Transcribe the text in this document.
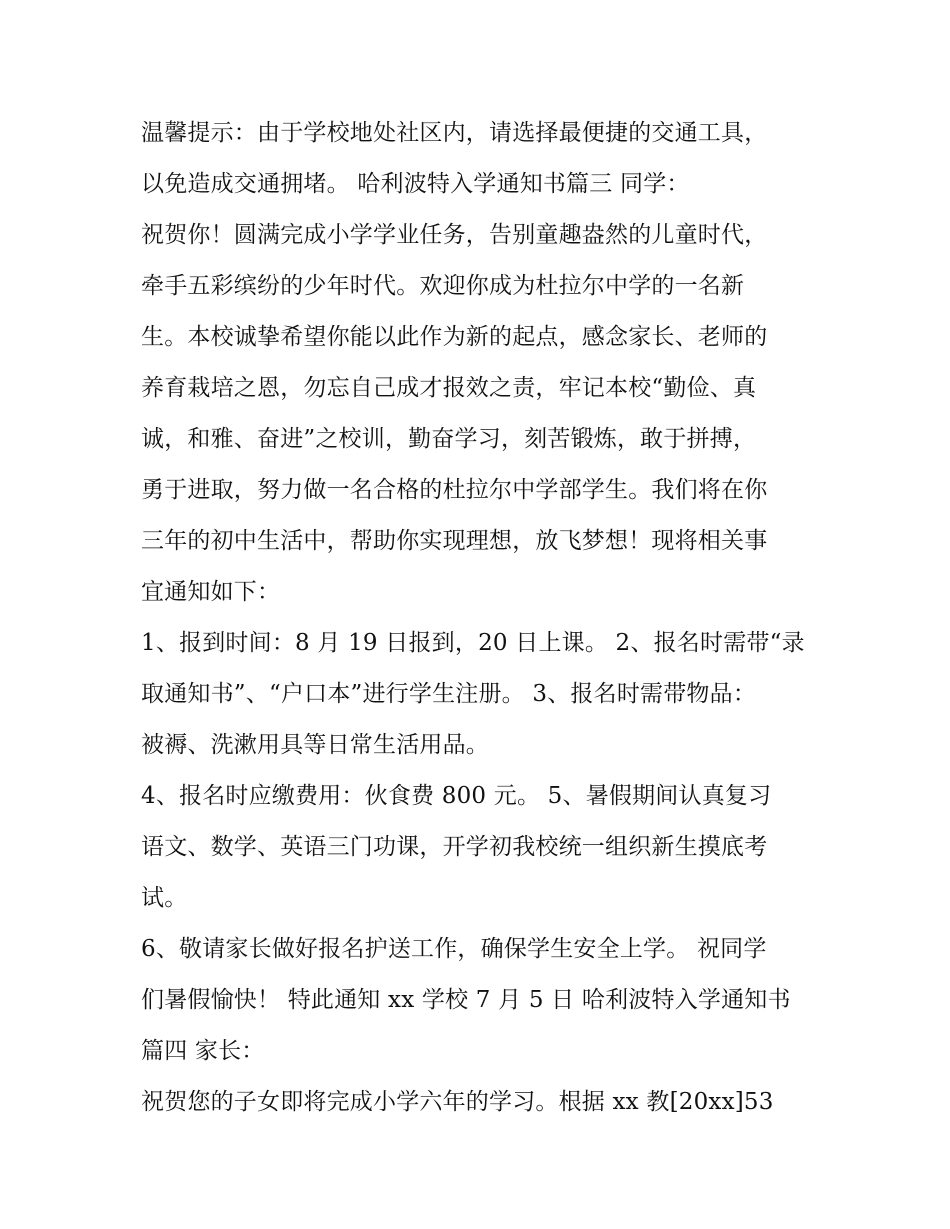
温馨提示：由于学校地处社区内，请选择最便捷的交通工具，
以免造成交通拥堵。 哈利波特入学通知书篇三 同学：
祝贺你！圆满完成小学学业任务，告别童趣盎然的儿童时代，
牵手五彩缤纷的少年时代。欢迎你成为杜拉尔中学的一名新
生。本校诚挚希望你能以此作为新的起点，感念家长、老师的
养育栽培之恩，勿忘自己成才报效之责，牢记本校“勤俭、真
诚，和雅、奋进”之校训，勤奋学习，刻苦锻炼，敢于拼搏，
勇于进取，努力做一名合格的杜拉尔中学部学生。我们将在你
三年的初中生活中，帮助你实现理想，放飞梦想！现将相关事
宜通知如下：
1、报到时间：8 月 19 日报到，20 日上课。 2、报名时需带“录
取通知书”、“户口本”进行学生注册。 3、报名时需带物品：
被褥、洗漱用具等日常生活用品。
4、报名时应缴费用：伙食费 800 元。 5、暑假期间认真复习
语文、数学、英语三门功课，开学初我校统一组织新生摸底考
试。
6、敬请家长做好报名护送工作，确保学生安全上学。 祝同学
们暑假愉快！ 特此通知 xx 学校 7 月 5 日 哈利波特入学通知书
篇四 家长：
祝贺您的子女即将完成小学六年的学习。根据 xx 教[20xx]53
